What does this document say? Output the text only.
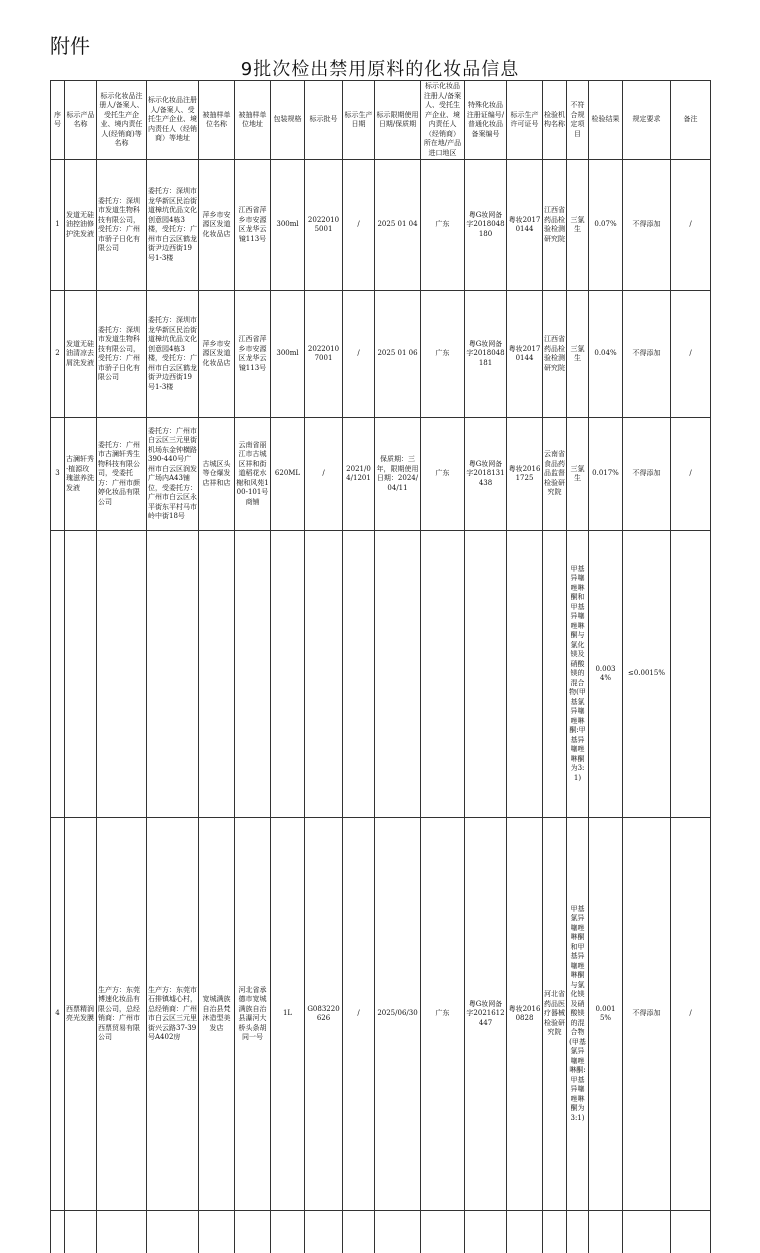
附件
9批次检出禁用原料的化妆品信息
序号	标示产品名称	标示化妆品注册人/备案人、受托生产企业、境内责任人(经销商)等名称	标示化妆品注册人/备案人、受托生产企业、境内责任人（经销商）等地址	被抽样单位名称	被抽样单位地址	包装规格	标示批号	标示生产日期	标示限期使用日期/保质期	标示化妆品注册人/备案人、受托生产企业、境内责任人（经销商）所在地/产品进口地区	特殊化妆品注册证编号/普通化妆品备案编号	标示生产许可证号	检验机构名称	不符合规定项目	检验结果	规定要求	备注
1	发道无硅油控油修护洗发液	委托方：深圳市发道生物科技有限公司，受托方：广州市骄子日化有限公司	委托方：深圳市龙华新区民治街道樟坑优品文化创意园4栋3楼，受托方：广州市白云区鹤龙街尹边西街19号1-3楼	萍乡市安源区发道化妆品店	江西省萍乡市安源区龙华云镜113号	300ml	20220105001	/	2025 01 04	广东	粤G妆网备字2018048180	粤妆20170144	江西省药品检验检测研究院	三氯生	0.07%	不得添加	/
2	发道无硅油清凉去屑洗发液	委托方：深圳市发道生物科技有限公司，受托方：广州市骄子日化有限公司	委托方：深圳市龙华新区民治街道樟坑优品文化创意园4栋3楼，受托方：广州市白云区鹤龙街尹边西街19号1-3楼	萍乡市安源区发道化妆品店	江西省萍乡市安源区龙华云镜113号	300ml	20220107001	/	2025 01 06	广东	粤G妆网备字2018048181	粤妆20170144	江西省药品检验检测研究院	三氯生	0.04%	不得添加	/
3	古澜轩秀·植源玫瑰滋养洗发液	委托方：广州市古澜轩秀生物科技有限公司，受委托方：广州市颜婷化妆品有限公司	委托方：广州市白云区三元里街机场东金钟横路390-440号广州市白云区润发广场内A43铺位，受委托方：广州市白云区永平街东平村马市岭中街18号	古城区头等仓爆发店祥和店	云南省丽江市古城区祥和街道稻花水榭和风苑100-101号商铺	620ML	/	2021/04/1201	保质期：三年，限期使用日期：2024/04/11	广东	粤G妆网备字2018131438	粤妆20161725	云南省食品药品监督检验研究院	三氯生	0.017%	不得添加	/
														甲基异噻唑啉酮和甲基异噻唑啉酮与氯化镁及硝酸镁的混合物(甲基氯异噻唑啉酮:甲基异噻唑啉酮为3:1)	0.0034%	≤0.0015%	
4	西票精润亮光发膜	生产方：东莞博速化妆品有限公司，总经销商：广州市西票贸易有限公司	生产方：东莞市石排镇墟心村，总经销商：广州市白云区三元里街兴云路37-39号A402房	宽城满族自治县梵沐造型美发店	河北省承德市宽城满族自治县瀑河大桥头条胡同一号	1L	G083220626	/	2025/06/30	广东	粤G妆网备字2021612447	粤妆20160828	河北省药品医疗器械检验研究院	甲基氯异噻唑啉酮和甲基异噻唑啉酮与氯化镁及硝酸镁的混合物(甲基氯异噻唑啉酮:甲基异噻唑啉酮为3:1)	0.0015%	不得添加	/
